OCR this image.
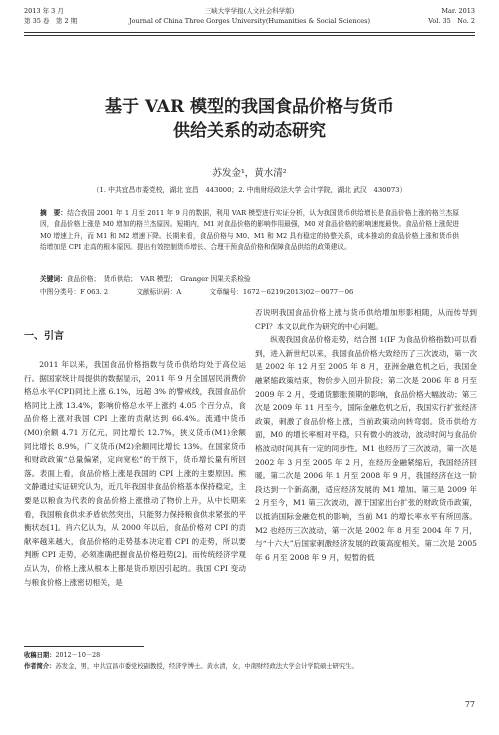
2013 年 3 月
第 35 卷　第 2 期
三峡大学学报(人文社会科学版)
Journal of China Three Gorges University(Humanities & Social Sciences)
Mar. 2013
Vol. 35　No. 2
基于 VAR 模型的我国食品价格与货币
供给关系的动态研究
苏发金¹，黄水清²
（1. 中共宜昌市委党校，湖北 宜昌　443000；2. 中南财经政法大学 会计学院，湖北 武汉　430073）
摘　要：结合我国 2001 年 1 月至 2011 年 9 月的数据，利用 VAR 模型进行实证分析，认为我国货币供给增长是食品价格上涨的格兰杰原因，食品价格上涨是 M0 增加的格兰杰原因。短期内，M1 对食品价格的影响作用最强，M0 对食品价格的影响速度最快。食品价格上涨促进 M0 增速上升，而 M1 和 M2 增速下降。长期来看，食品价格与 M0、M1 和 M2 具有稳定的协整关系，成本推动的食品价格上涨和货币供给增加是 CPI 走高的根本原因。提出有效控制货币增长、合理干预食品价格和保障食品供给的政策建议。
关键词：食品价格；　货币供给；　VAR 模型；　Granger 因果关系检验
中图分类号：F 063. 2	文献标识码：A	文章编号：1672－6219(2013)02－0077－06
一、引言

2011 年以来，我国食品价格指数与货币供给均处于高位运行。据国家统计局提供的数据显示，2011 年 9 月全国居民消费价格总水平(CPI)同比上涨 6.1%，远超 3% 的警戒线，我国食品价格同比上涨 13.4%，影响价格总水平上涨约 4.05 个百分点，食品价格上涨对我国 CPI 上涨的贡献达到 66.4%。流通中货币(M0)余额 4.71 万亿元，同比增长 12.7%，狭义货币(M1)余额同比增长 8.9%，广义货币(M2)余额同比增长 13%。在国家货币和财政政策“总量偏紧，定向宽松”的干预下，货币增长量有所回落。表面上看，食品价格上涨是我国的 CPI 上涨的主要原因。熊文静通过实证研究认为，近几年我国非食品价格基本保持稳定，主要是以粮食为代表的食品价格上涨推动了物价上升，从中长期来看，我国粮食供求矛盾依然突出，只能努力保持粮食供求紧张的平衡状态[1]。肖六亿认为，从 2000 年以后，食品价格对 CPI 的贡献率越来越大，食品价格的走势基本决定着 CPI 的走势，所以要判断 CPI 走势，必须准确把握食品价格趋势[2]。而传统经济学观点认为，价格上涨从根本上都是货币原因引起的。我国 CPI 变动与粮食价格上涨密切相关，是

否说明我国食品价格上涨与货币供给增加形影相随，从而传导到 CPI？本文以此作为研究的中心问题。

纵观我国食品价格走势，结合图 1(IF 为食品价格指数)可以看到，进入新世纪以来，我国食品价格大致经历了三次波动，第一次是 2002 年 12 月至 2005 年 8 月，亚洲金融危机之后，我国金融紧缩政策结束，物价步入回升阶段；第二次是 2006 年 8 月至 2009 年 2 月，受通货膨胀预期的影响，食品价格大幅波动；第三次是 2009 年 11 月至今，国际金融危机之后，我国实行扩张经济政策，刺激了食品价格上涨，当前政策动向转弯弱。货币供给方面，M0 的增长率相对平稳，只有微小的波动，波动时间与食品价格波动时间具有一定的同步性。M1 也经历了三次波动，第一次是 2002 年 3 月至 2005 年 2 月，在经历金融紧缩后，我国经济回暖。第二次是 2006 年 1 月至 2008 年 9 月，我国经济在这一阶段达到一个新高潮，适应经济发展的 M1 增加。第三是 2009 年 2 月至今，M1 第三次波动，源于国家出台扩张的财政货币政策，以抵消国际金融危机的影响，当前 M1 的增长率水平有所回落。M2 也经历三次波动，第一次是 2002 年 8 月至 2004 年 7 月，与“十六大”后国家刺激经济发展的政策高度相关。第二次是 2005 年 6 月至 2008 年 9 月，短暂的低

收稿日期：2012－10－28
作者简介：苏发金，男，中共宜昌市委党校副教授，经济学博士。黄水清，女，中南财经政法大学会计学院硕士研究生。
77
